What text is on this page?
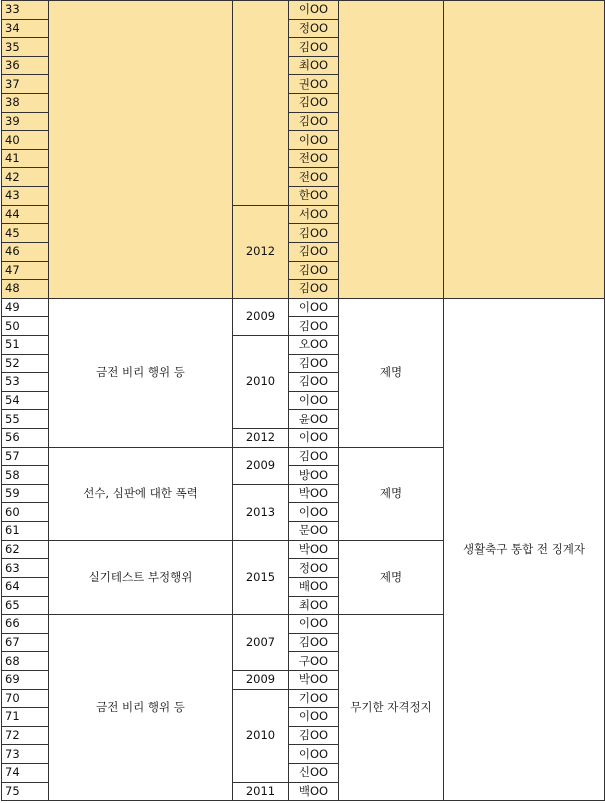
33			이OO			
34			정OO			
35			김OO			
36			최OO			
37			권OO			
38			김OO			
39			김OO			
40			이OO			
41			전OO			
42			전OO			
43			한OO			
44		2012	서OO			
45			김OO			
46			김OO			
47			김OO			
48			김OO			
49	금전 비리 행위 등	2009	이OO	제명	생활축구 통합 전 징계자	
50			김OO			
51		2010	오OO			
52			김OO			
53			김OO			
54			이OO			
55			윤OO			
56		2012	이OO			
57	선수, 심판에 대한 폭력	2009	김OO	제명		
58			방OO			
59		2013	박OO			
60			이OO			
61			문OO			
62	실기테스트 부정행위	2015	박OO	제명		
63			정OO			
64			배OO			
65			최OO			
66	금전 비리 행위 등	2007	이OO	무기한 자격정지		
67			김OO			
68			구OO			
69		2009	박OO			
70		2010	기OO			
71			이OO			
72			김OO			
73			이OO			
74			신OO			
75		2011	백OO			
